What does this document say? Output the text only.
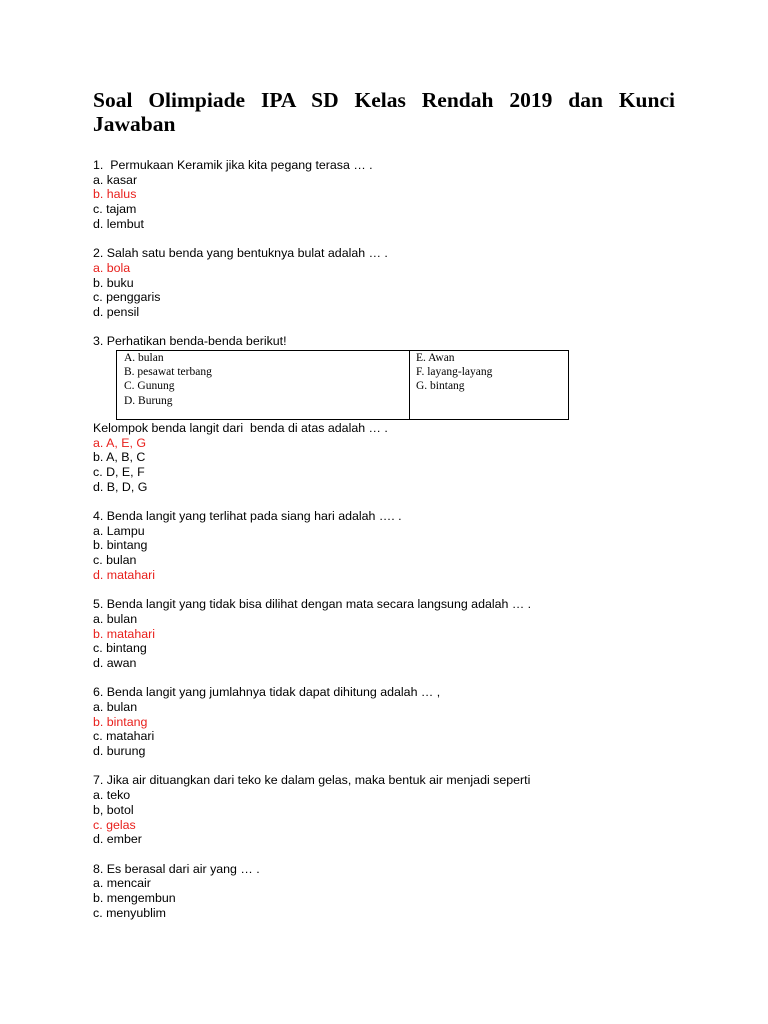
Soal Olimpiade IPA SD Kelas Rendah 2019 dan Kunci
Jawaban
1.  Permukaan Keramik jika kita pegang terasa … .
a. kasar
b. halus
c. tajam
d. lembut
2. Salah satu benda yang bentuknya bulat adalah … .
a. bola
b. buku
c. penggaris
d. pensil
3. Perhatikan benda-benda berikut!
A. bulan
B. pesawat terbang
C. Gunung
D. Burung
E. Awan
F. layang-layang
G. bintang
Kelompok benda langit dari  benda di atas adalah … .
a. A, E, G
b. A, B, C
c. D, E, F
d. B, D, G
4. Benda langit yang terlihat pada siang hari adalah …. .
a. Lampu
b. bintang
c. bulan
d. matahari
5. Benda langit yang tidak bisa dilihat dengan mata secara langsung adalah … .
a. bulan
b. matahari
c. bintang
d. awan
6. Benda langit yang jumlahnya tidak dapat dihitung adalah … ,
a. bulan
b. bintang
c. matahari
d. burung
7. Jika air dituangkan dari teko ke dalam gelas, maka bentuk air menjadi seperti
a. teko
b, botol
c. gelas
d. ember
8. Es berasal dari air yang … .
a. mencair
b. mengembun
c. menyublim
